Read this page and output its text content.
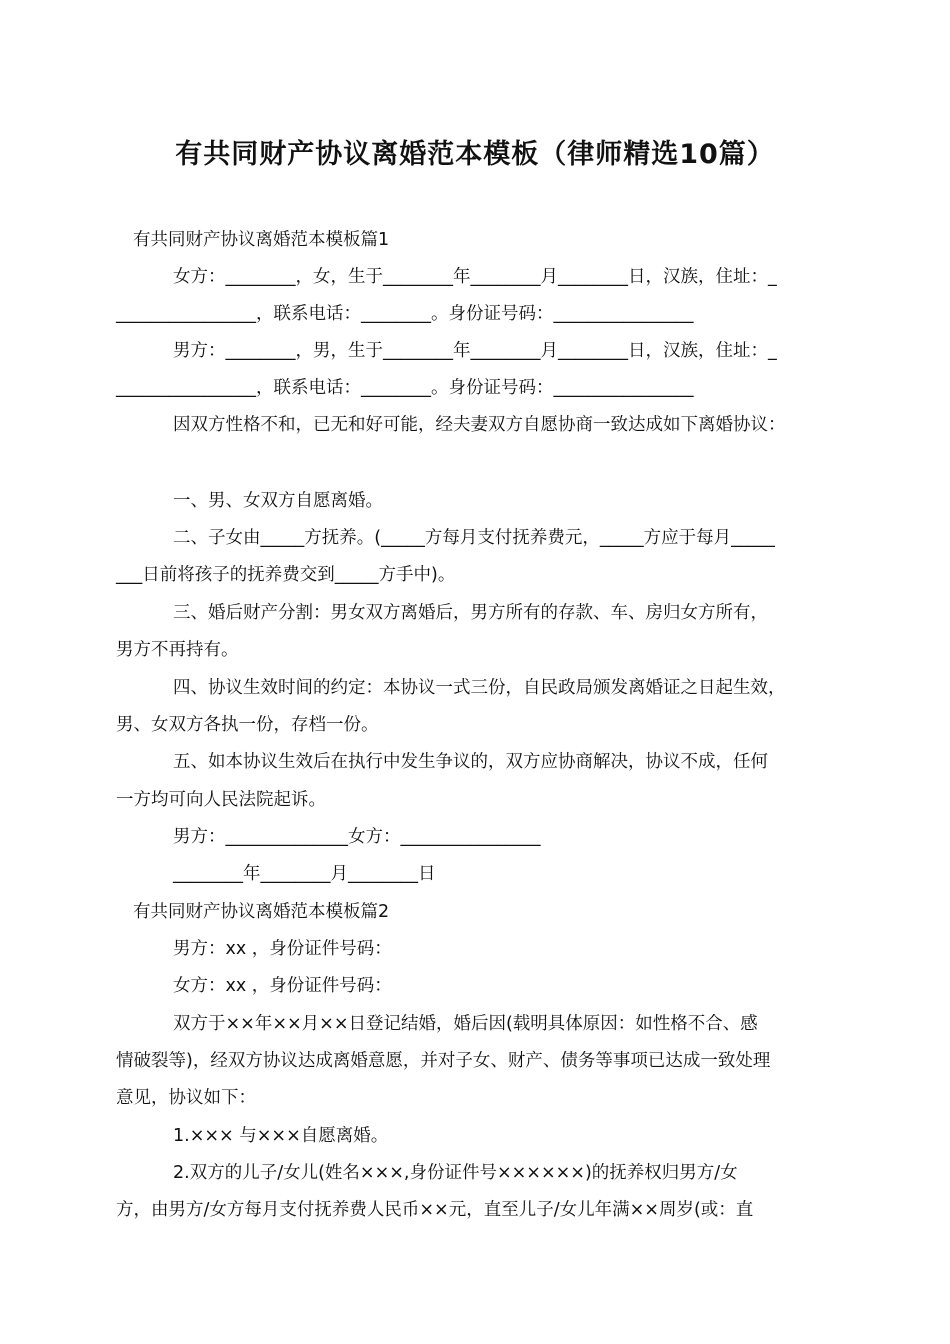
有共同财产协议离婚范本模板（律师精选10篇）
有共同财产协议离婚范本模板篇1
女方：________，女，生于________年________月________日，汉族，住址：_
________________，联系电话：________。身份证号码：________________
男方：________，男，生于________年________月________日，汉族，住址：_
________________，联系电话：________。身份证号码：________________
因双方性格不和，已无和好可能，经夫妻双方自愿协商一致达成如下离婚协议：
一、男、女双方自愿离婚。
二、子女由_____方抚养。(_____方每月支付抚养费元，_____方应于每月_____
___日前将孩子的抚养费交到_____方手中)。
三、婚后财产分割：男女双方离婚后，男方所有的存款、车、房归女方所有，
男方不再持有。
四、协议生效时间的约定：本协议一式三份，自民政局颁发离婚证之日起生效，
男、女双方各执一份，存档一份。
五、如本协议生效后在执行中发生争议的，双方应协商解决，协议不成，任何
一方均可向人民法院起诉。
男方：______________女方：________________
________年________月________日
有共同财产协议离婚范本模板篇2
男方：xx ，身份证件号码：
女方：xx ，身份证件号码：
双方于××年××月××日登记结婚，婚后因(载明具体原因：如性格不合、感
情破裂等)，经双方协议达成离婚意愿，并对子女、财产、债务等事项已达成一致处理
意见，协议如下：
1.××× 与×××自愿离婚。
2.双方的儿子/女儿(姓名×××,身份证件号××××××)的抚养权归男方/女
方，由男方/女方每月支付抚养费人民币××元，直至儿子/女儿年满××周岁(或：直
